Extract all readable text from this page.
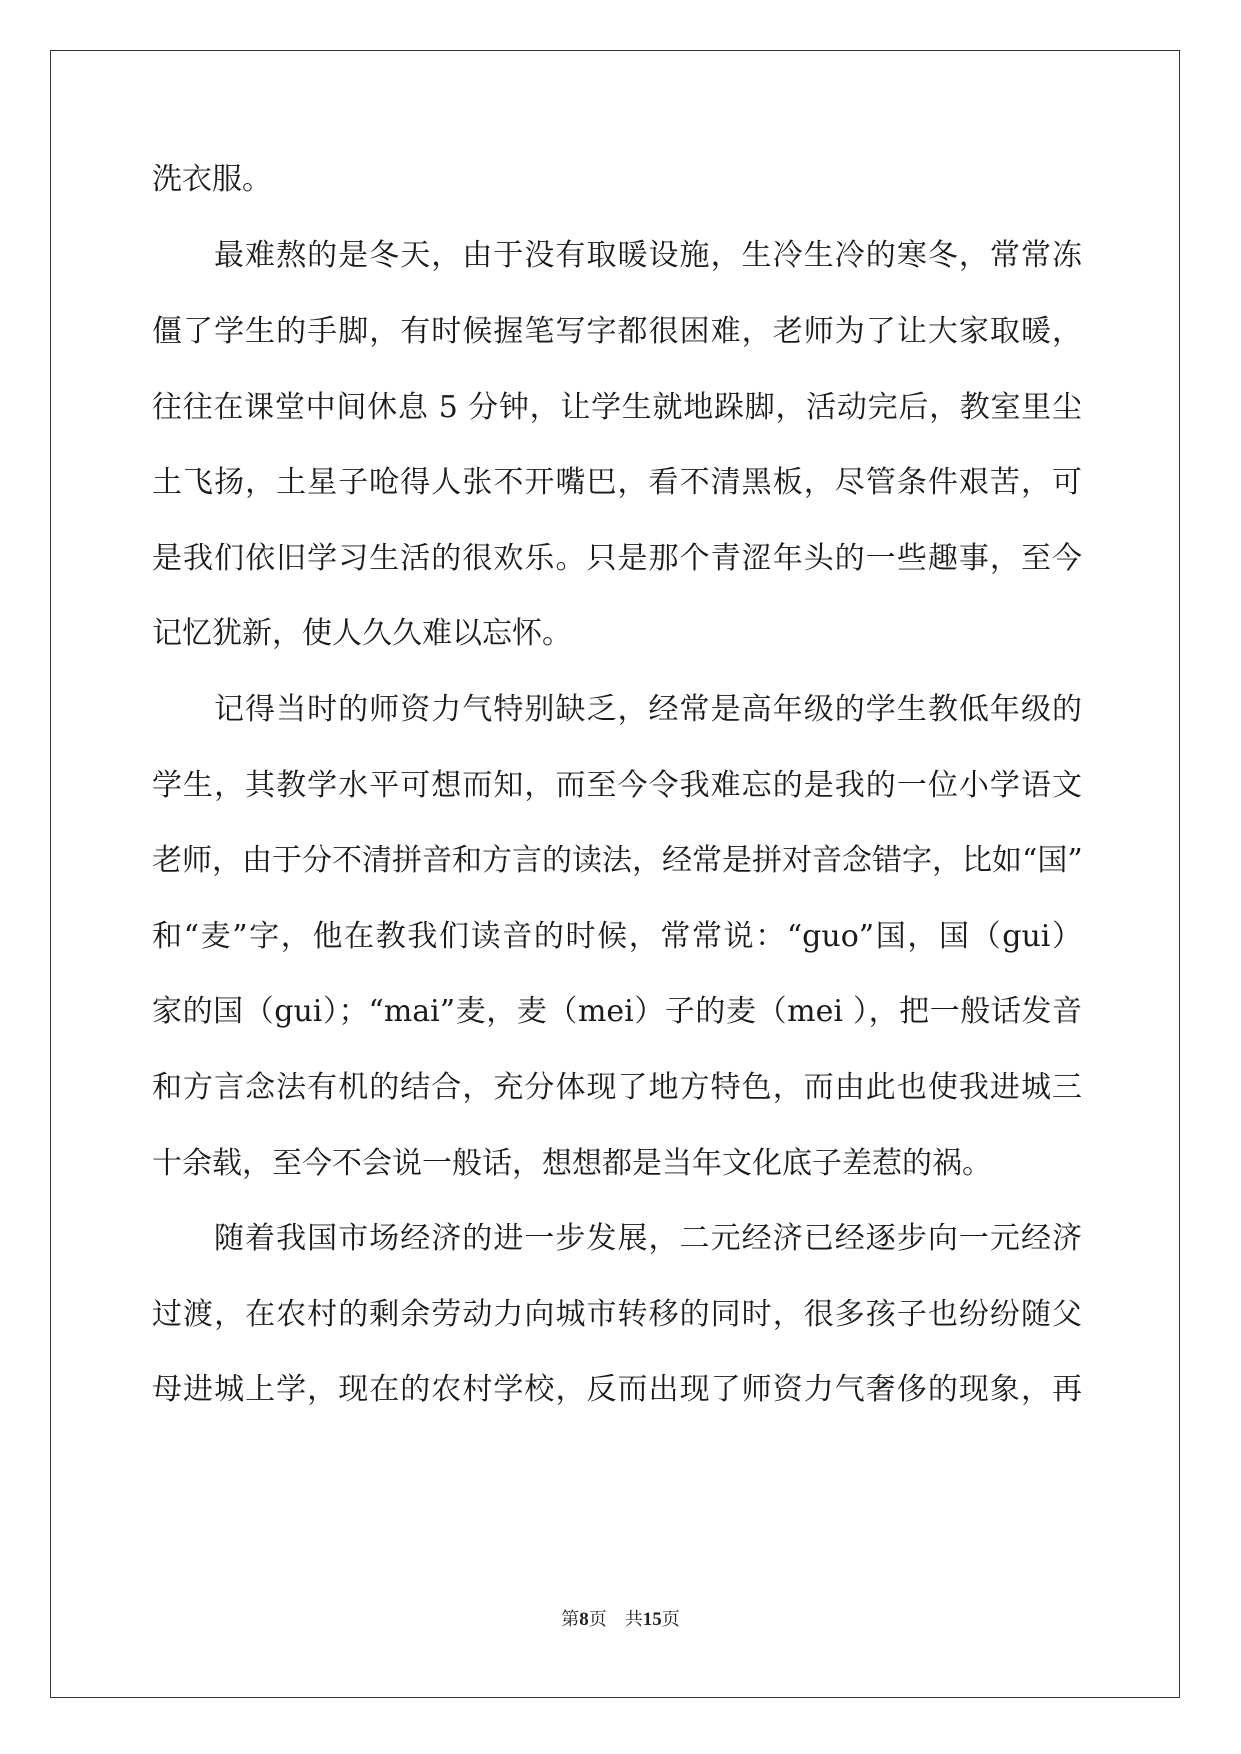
洗衣服。
最难熬的是冬天，由于没有取暖设施，生冷生冷的寒冬，常常冻
僵了学生的手脚，有时候握笔写字都很困难，老师为了让大家取暖，
往往在课堂中间休息 5 分钟，让学生就地跺脚，活动完后，教室里尘
土飞扬，土星子呛得人张不开嘴巴，看不清黑板，尽管条件艰苦，可
是我们依旧学习生活的很欢乐。只是那个青涩年头的一些趣事，至今
记忆犹新，使人久久难以忘怀。
记得当时的师资力气特别缺乏，经常是高年级的学生教低年级的
学生，其教学水平可想而知，而至今令我难忘的是我的一位小学语文
老师，由于分不清拼音和方言的读法，经常是拼对音念错字，比如“国”
和“麦”字，他在教我们读音的时候，常常说：“guo”国，国（gui）
家的国（gui）；“mai”麦，麦（mei）子的麦（mei ），把一般话发音
和方言念法有机的结合，充分体现了地方特色，而由此也使我进城三
十余载，至今不会说一般话，想想都是当年文化底子差惹的祸。
随着我国市场经济的进一步发展，二元经济已经逐步向一元经济
过渡，在农村的剩余劳动力向城市转移的同时，很多孩子也纷纷随父
母进城上学，现在的农村学校，反而出现了师资力气奢侈的现象，再
第8页 共15页
